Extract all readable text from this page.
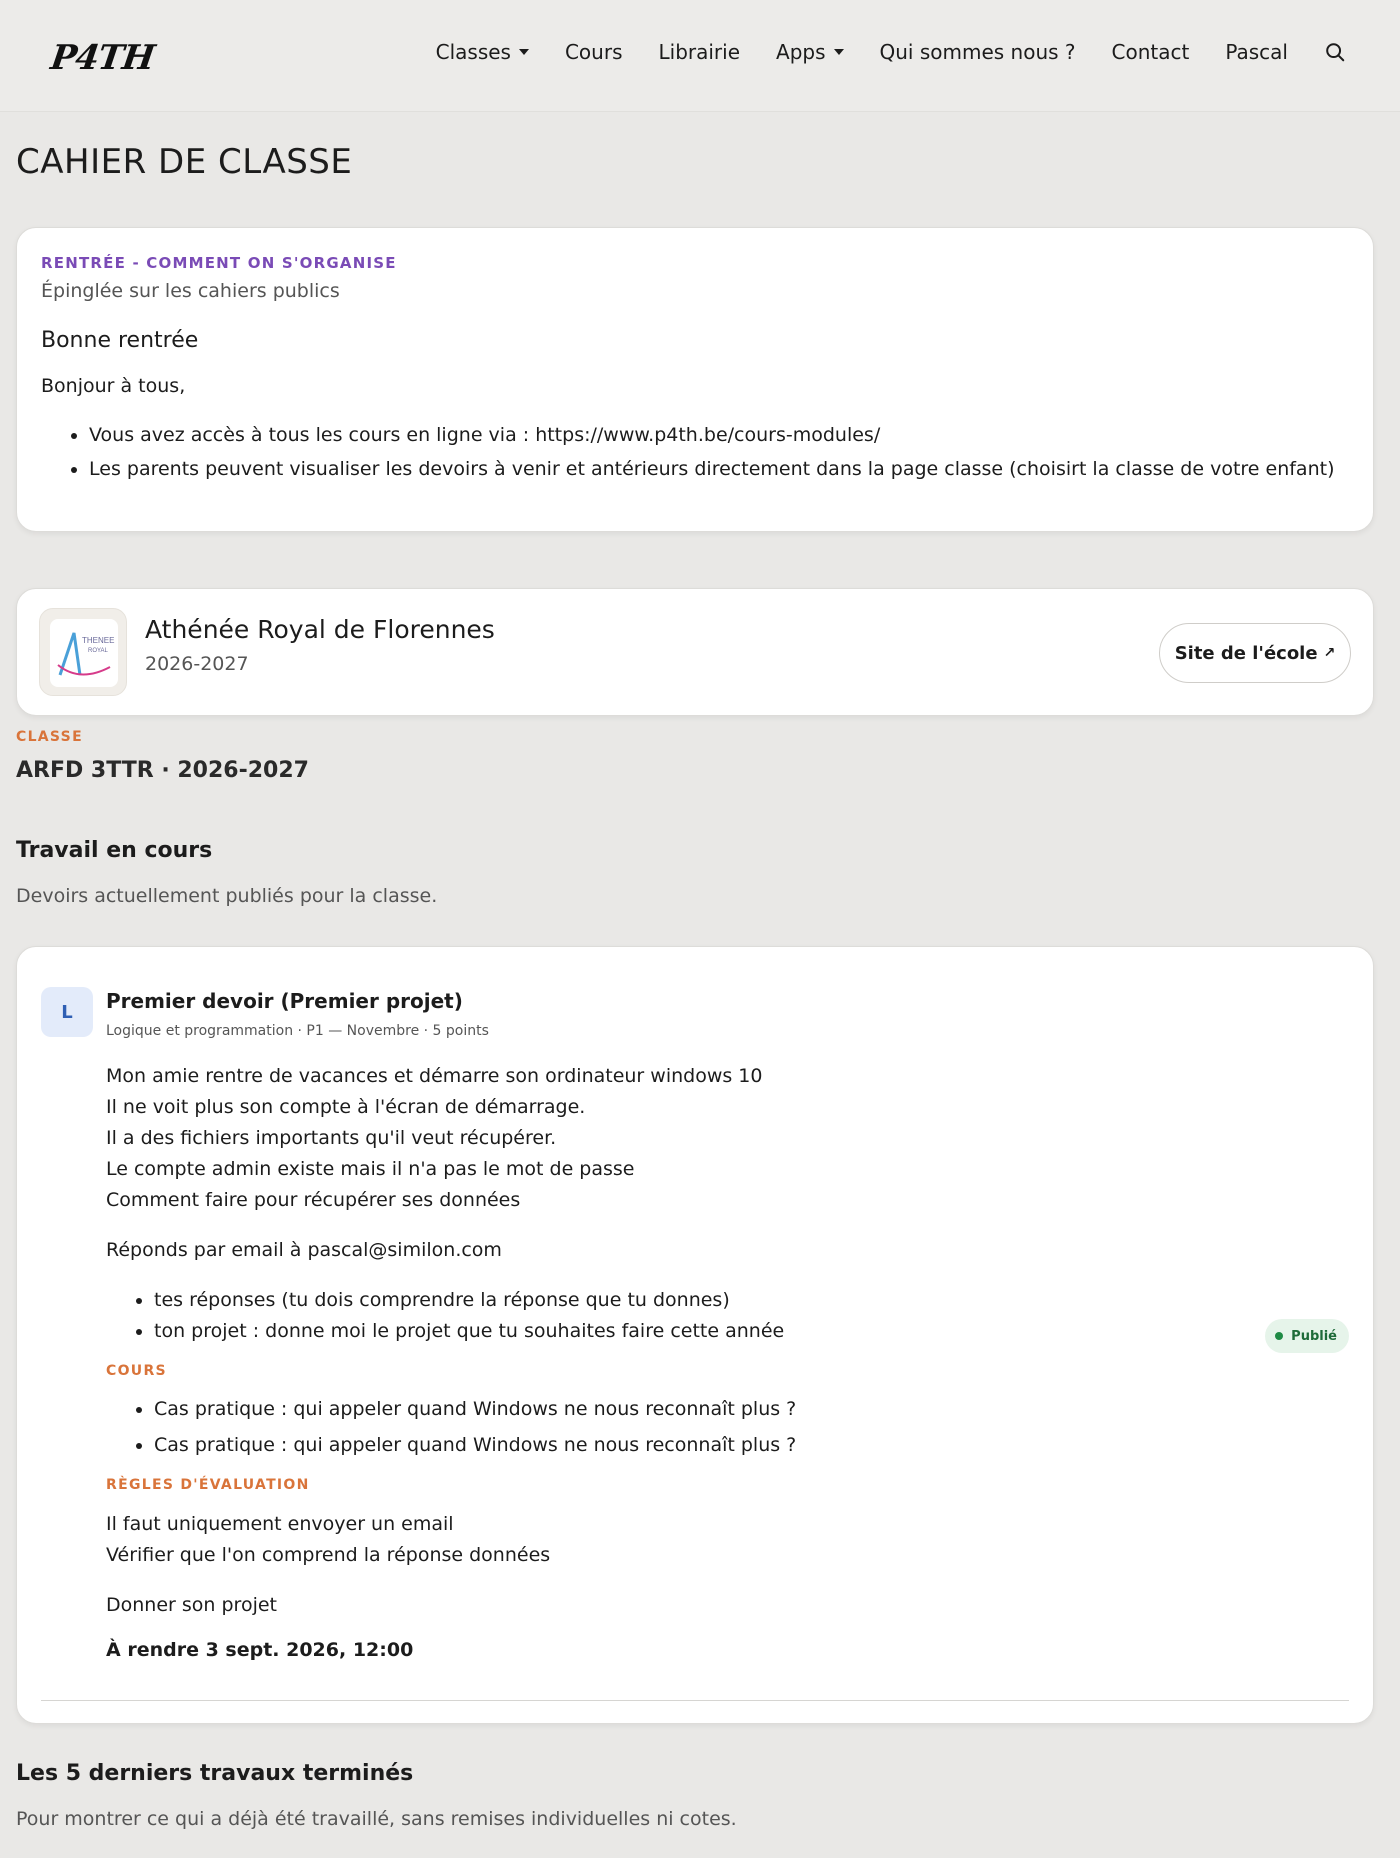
P4TH	Classes	Cours Librairie Apps	Qui sommes nous ? Contact Pascal
CAHIER DE CLASSE
RENTRÉE - COMMENT ON S'ORGANISE
Épinglée sur les cahiers publics
Bonne rentrée

Bonjour à tous,

• Vous avez accès à tous les cours en ligne via : https://www.p4th.be/cours-modules/
• Les parents peuvent visualiser les devoirs à venir et antérieurs directement dans la page classe (choisirt la classe de votre enfant)
THENEE
ROYAL
Athénée Royal de Florennes
2026-2027	Site de l'école ↗
CLASSE
ARFD 3TTR · 2026-2027
Travail en cours

Devoirs actuellement publiés pour la classe.

L	Premier devoir (Premier projet)
Logique et programmation · P1 — Novembre · 5 points
Mon amie rentre de vacances et démarre son ordinateur windows 10
Il ne voit plus son compte à l'écran de démarrage.
Il a des fichiers importants qu'il veut récupérer.
Le compte admin existe mais il n'a pas le mot de passe
Comment faire pour récupérer ses données

Réponds par email à pascal@similon.com

• tes réponses (tu dois comprendre la réponse que tu donnes)
• ton projet : donne moi le projet que tu souhaites faire cette année
COURS
• Cas pratique : qui appeler quand Windows ne nous reconnaît plus ?
• Cas pratique : qui appeler quand Windows ne nous reconnaît plus ?
RÈGLES D'ÉVALUATION
Il faut uniquement envoyer un email
Vérifier que l'on comprend la réponse données

Donner son projet

À rendre 3 sept. 2026, 12:00
Publié
Les 5 derniers travaux terminés

Pour montrer ce qui a déjà été travaillé, sans remises individuelles ni cotes.
